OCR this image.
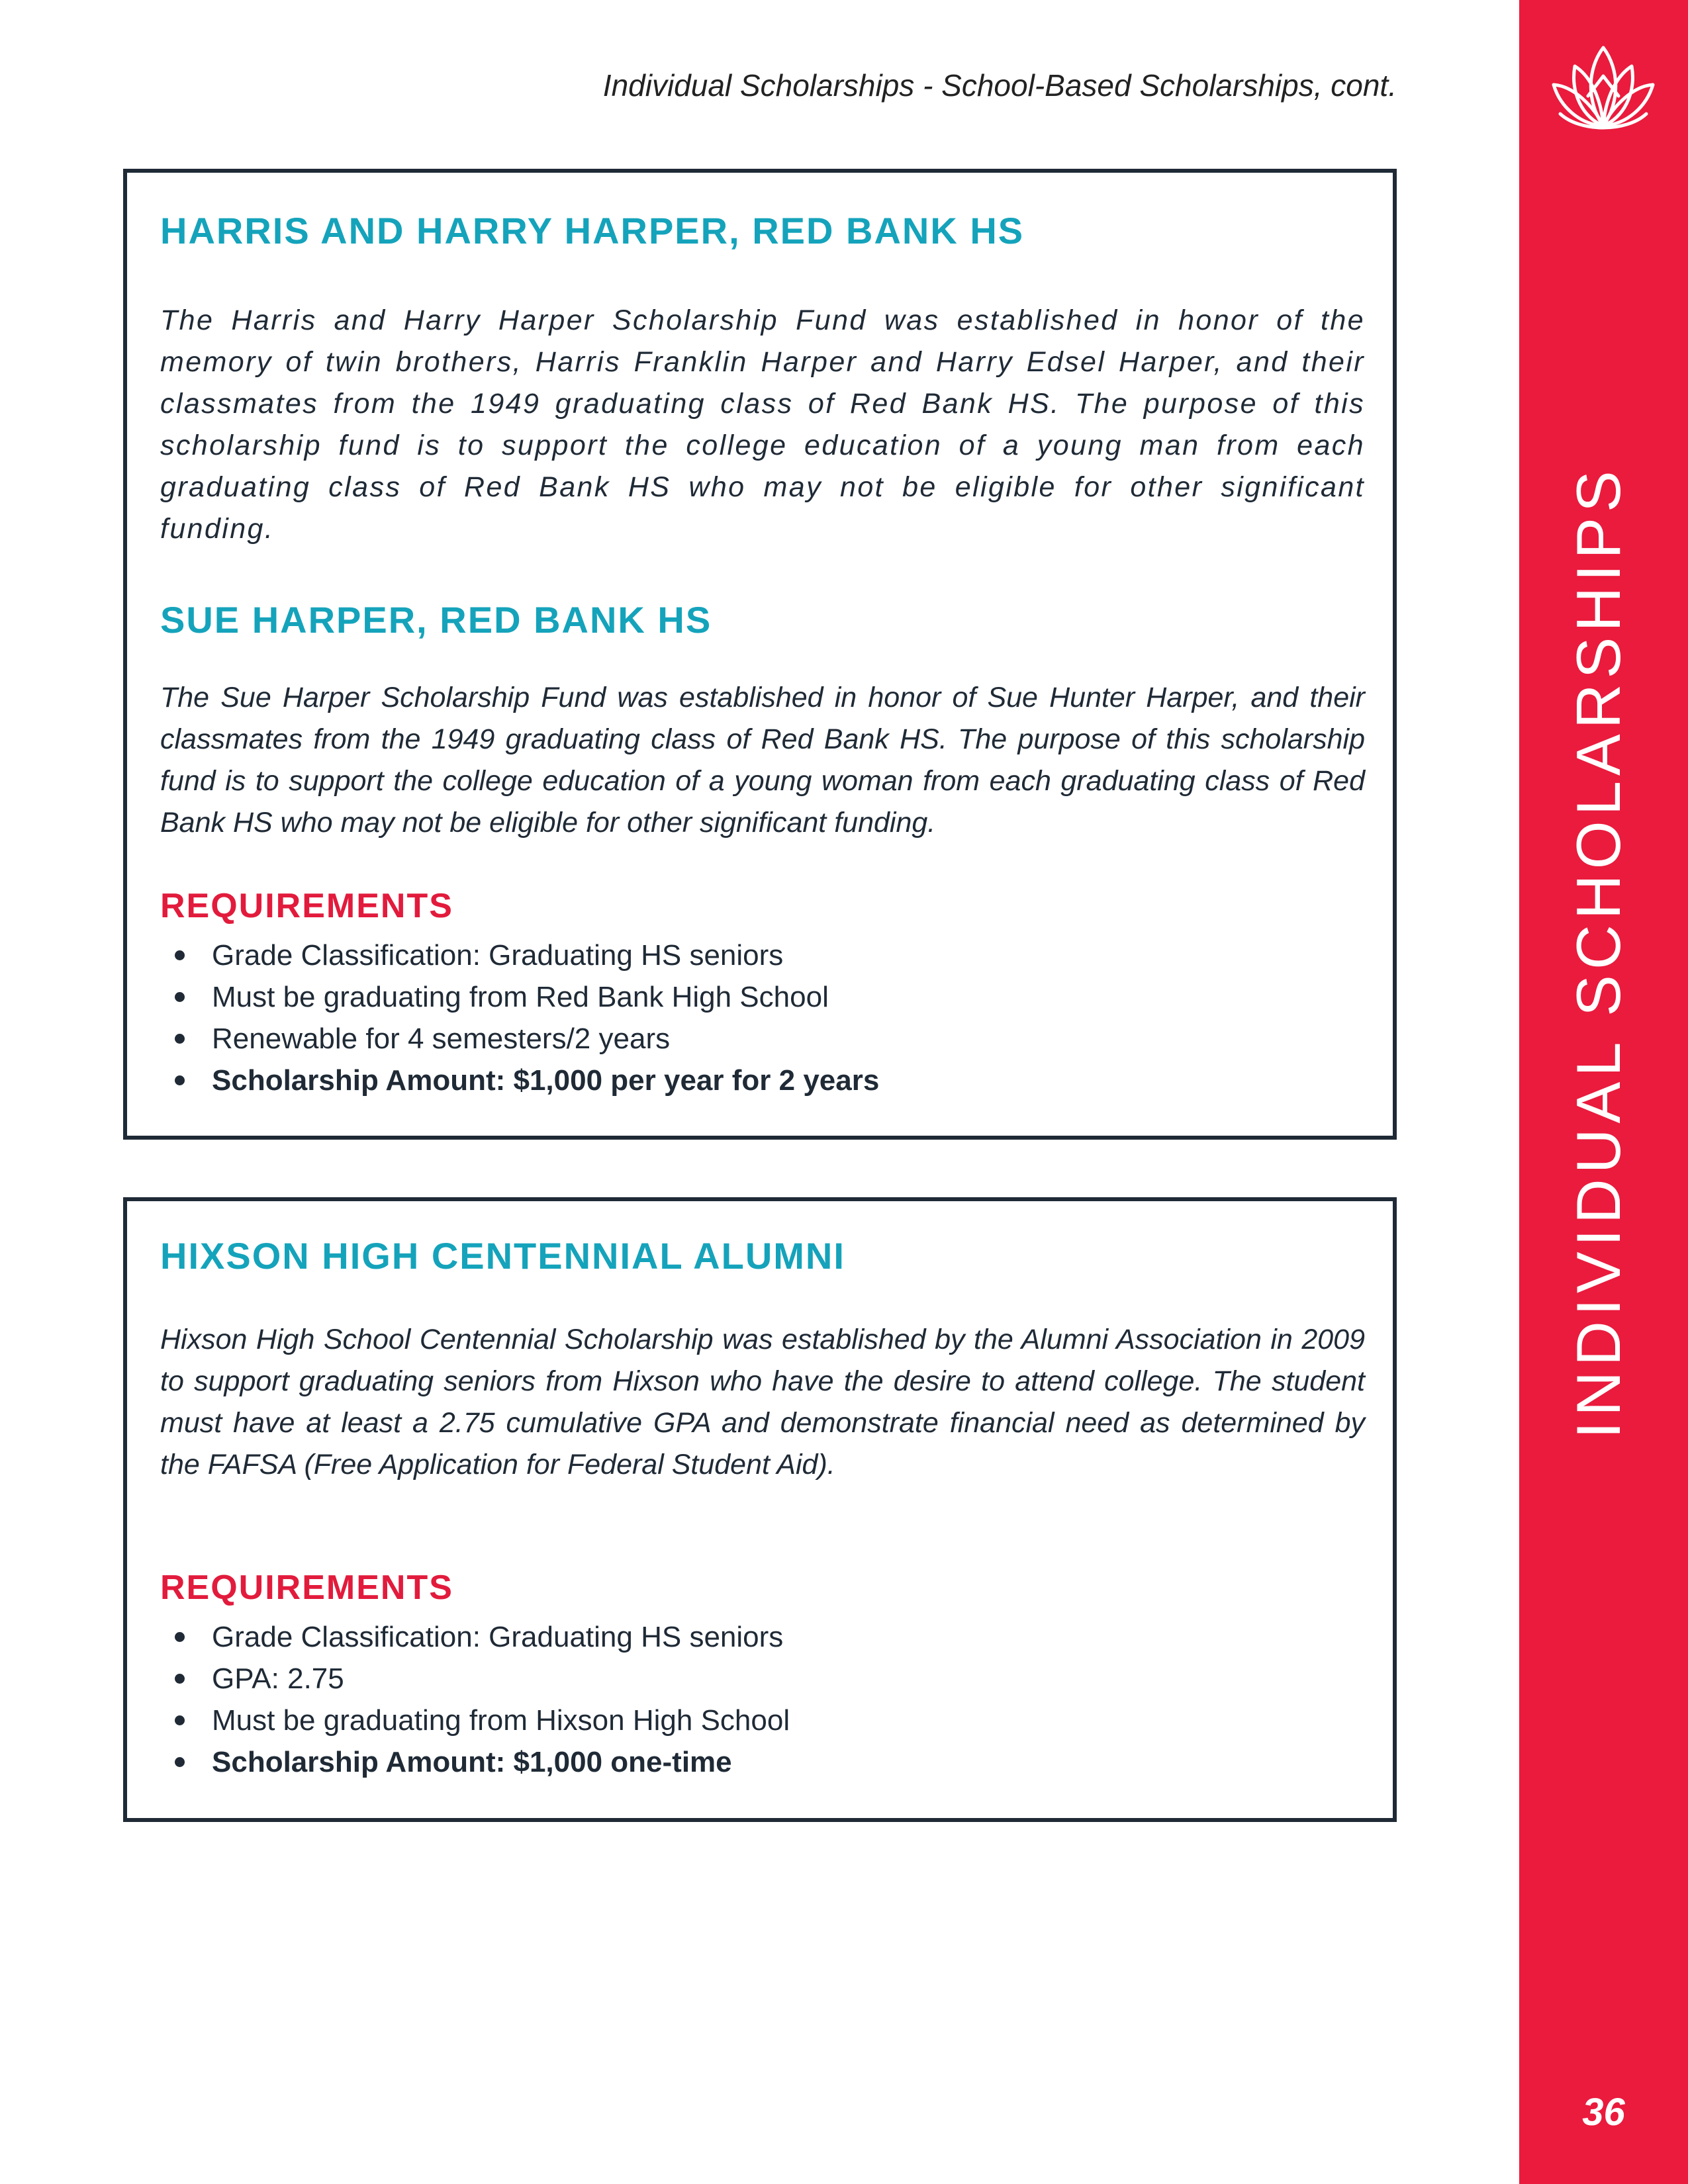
Individual Scholarships - School-Based Scholarships, cont.
HARRIS AND HARRY HARPER, RED BANK HS

The Harris and Harry Harper Scholarship Fund was established in honor of the memory of twin brothers, Harris Franklin Harper and Harry Edsel Harper, and their classmates from the 1949 graduating class of Red Bank HS. The purpose of this scholarship fund is to support the college education of a young man from each graduating class of Red Bank HS who may not be eligible for other significant funding.

SUE HARPER, RED BANK HS

The Sue Harper Scholarship Fund was established in honor of Sue Hunter Harper, and their classmates from the 1949 graduating class of Red Bank HS. The purpose of this scholarship fund is to support the college education of a young woman from each graduating class of Red Bank HS who may not be eligible for other significant funding.

REQUIREMENTS
Grade Classification: Graduating HS seniors
Must be graduating from Red Bank High School
Renewable for 4 semesters/2 years
Scholarship Amount: $1,000 per year for 2 years
HIXSON HIGH CENTENNIAL ALUMNI

Hixson High School Centennial Scholarship was established by the Alumni Association in 2009 to support graduating seniors from Hixson who have the desire to attend college. The student must have at least a 2.75 cumulative GPA and demonstrate financial need as determined by the FAFSA (Free Application for Federal Student Aid).

REQUIREMENTS
Grade Classification: Graduating HS seniors
GPA: 2.75
Must be graduating from Hixson High School
Scholarship Amount: $1,000 one-time
INDIVIDUAL SCHOLARSHIPS
36
